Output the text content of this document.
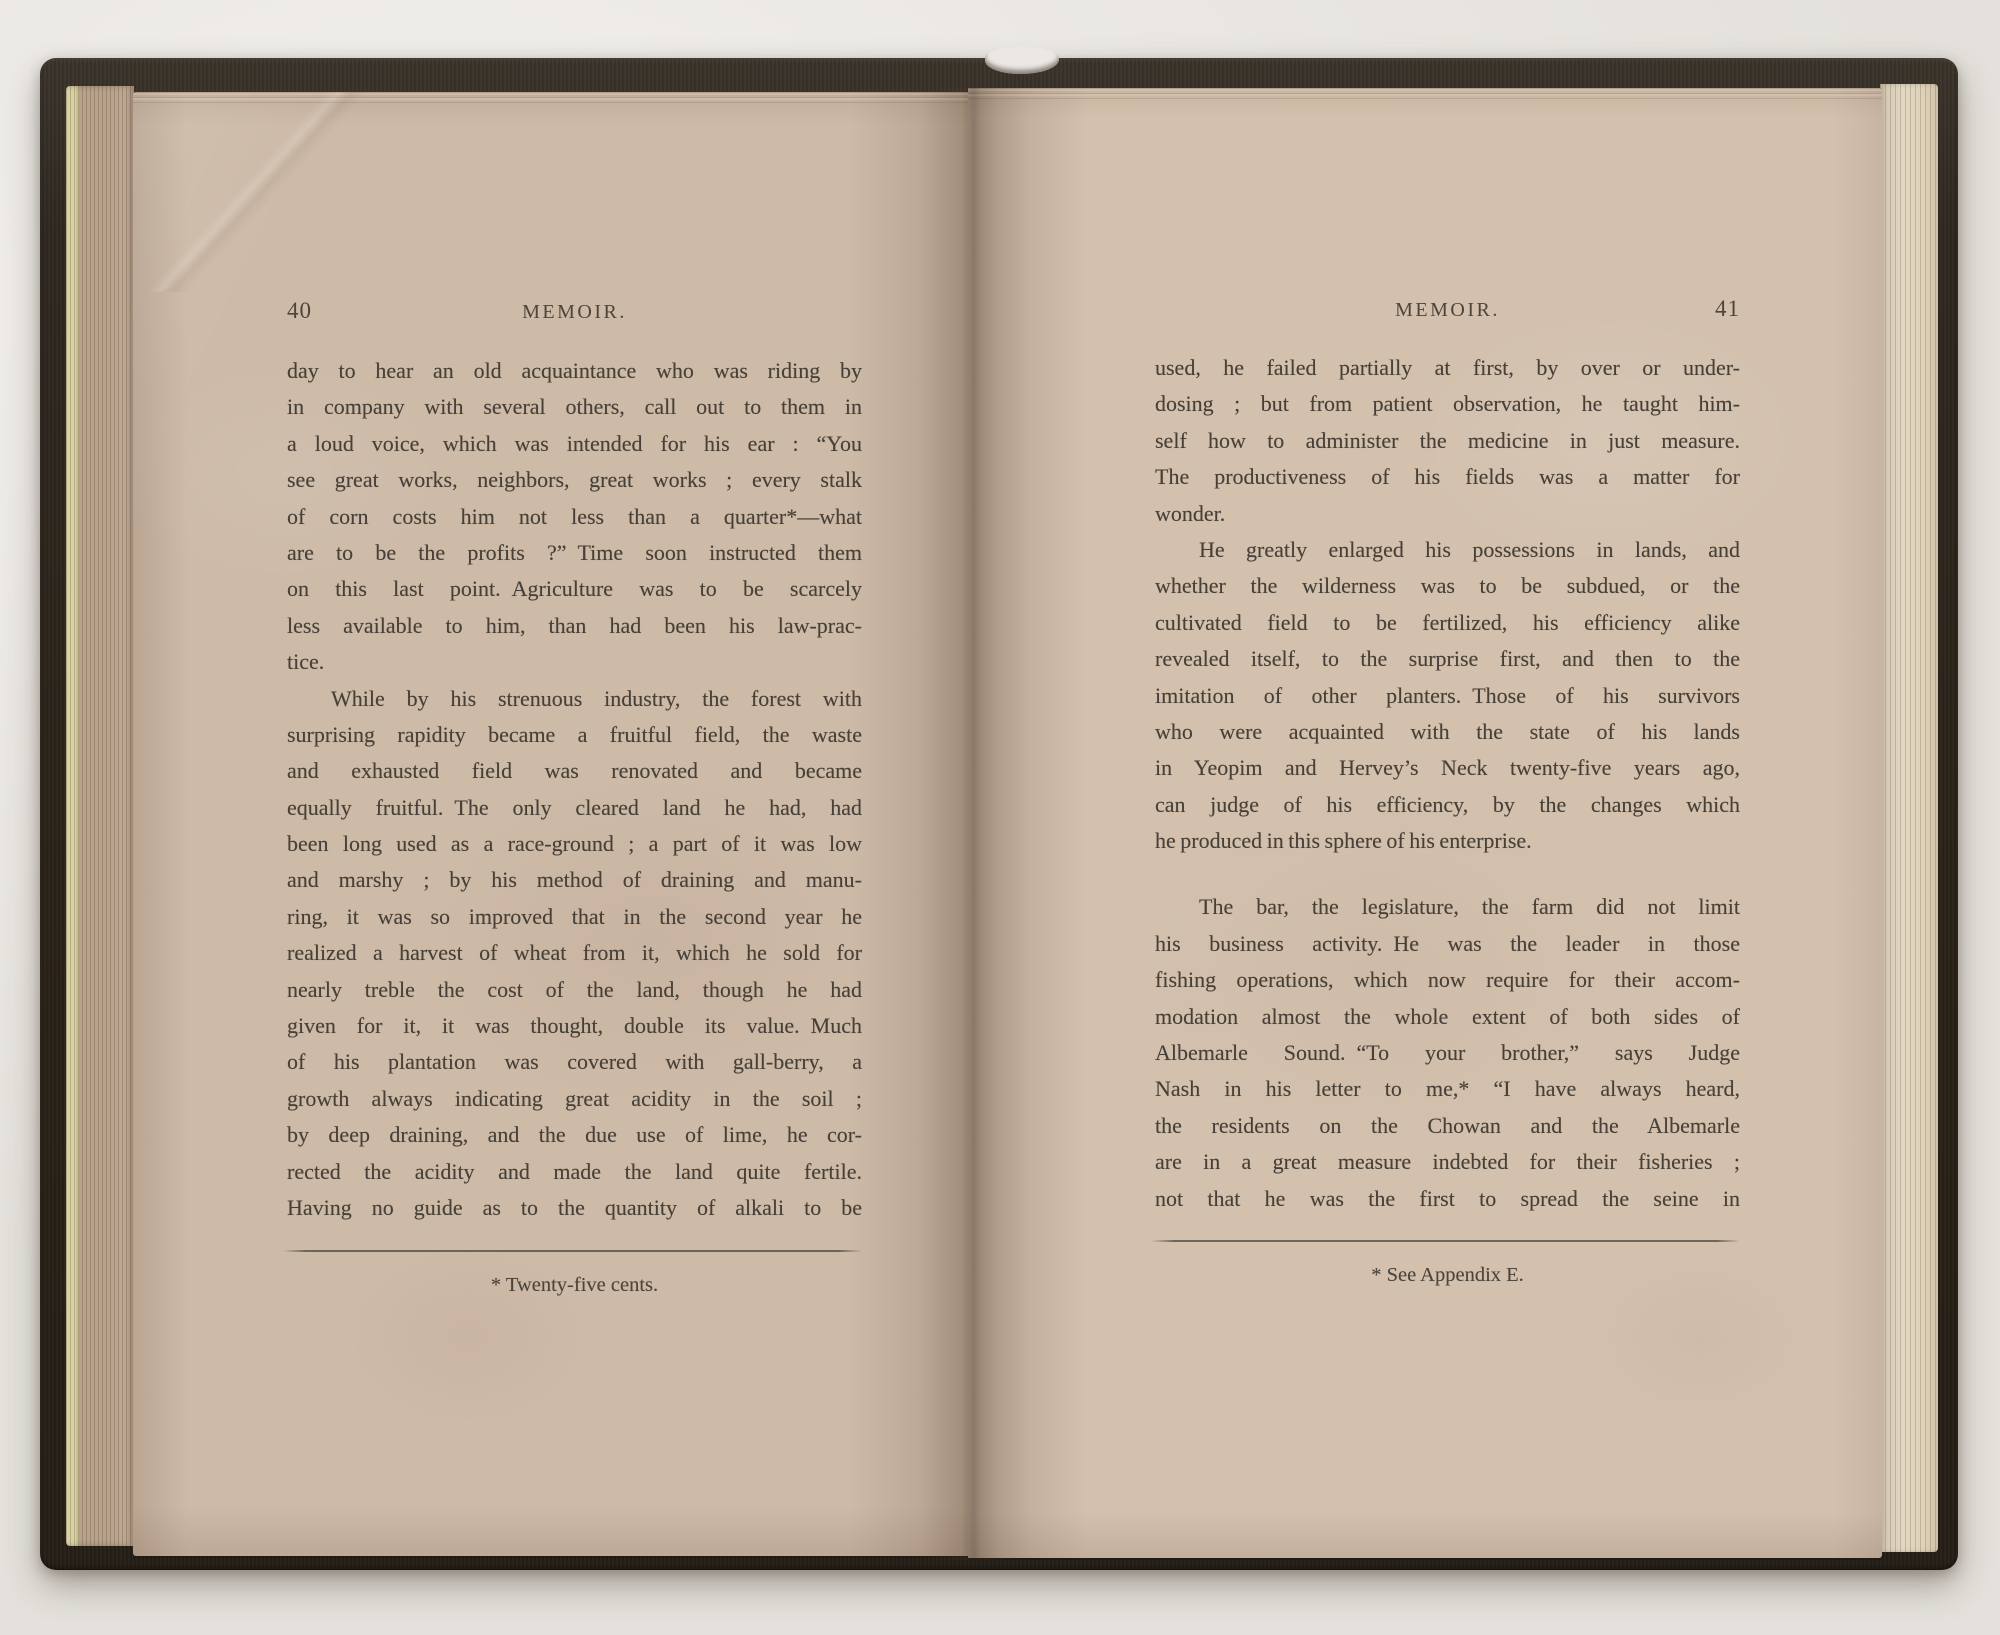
40	MEMOIR.
day to hear an old acquaintance who was riding by
in company with several others, call out to them in
a loud voice, which was intended for his ear : “You
see great works, neighbors, great works ; every stalk
of corn costs him not less than a quarter*—what
are to be the profits ?” Time soon instructed them
on this last point. Agriculture was to be scarcely
less available to him, than had been his law-prac-
tice.
While by his strenuous industry, the forest with
surprising rapidity became a fruitful field, the waste
and exhausted field was renovated and became
equally fruitful. The only cleared land he had, had
been long used as a race-ground ; a part of it was low
and marshy ; by his method of draining and manu-
ring, it was so improved that in the second year he
realized a harvest of wheat from it, which he sold for
nearly treble the cost of the land, though he had
given for it, it was thought, double its value. Much
of his plantation was covered with gall-berry, a
growth always indicating great acidity in the soil ;
by deep draining, and the due use of lime, he cor-
rected the acidity and made the land quite fertile.
Having no guide as to the quantity of alkali to be
* Twenty-five cents.
MEMOIR.	41
used, he failed partially at first, by over or under-
dosing ; but from patient observation, he taught him-
self how to administer the medicine in just measure.
The productiveness of his fields was a matter for
wonder.
He greatly enlarged his possessions in lands, and
whether the wilderness was to be subdued, or the
cultivated field to be fertilized, his efficiency alike
revealed itself, to the surprise first, and then to the
imitation of other planters. Those of his survivors
who were acquainted with the state of his lands
in Yeopim and Hervey’s Neck twenty-five years ago,
can judge of his efficiency, by the changes which
he produced in this sphere of his enterprise.
The bar, the legislature, the farm did not limit
his business activity. He was the leader in those
fishing operations, which now require for their accom-
modation almost the whole extent of both sides of
Albemarle Sound. “To your brother,” says Judge
Nash in his letter to me,* “I have always heard,
the residents on the Chowan and the Albemarle
are in a great measure indebted for their fisheries ;
not that he was the first to spread the seine in
* See Appendix E.
